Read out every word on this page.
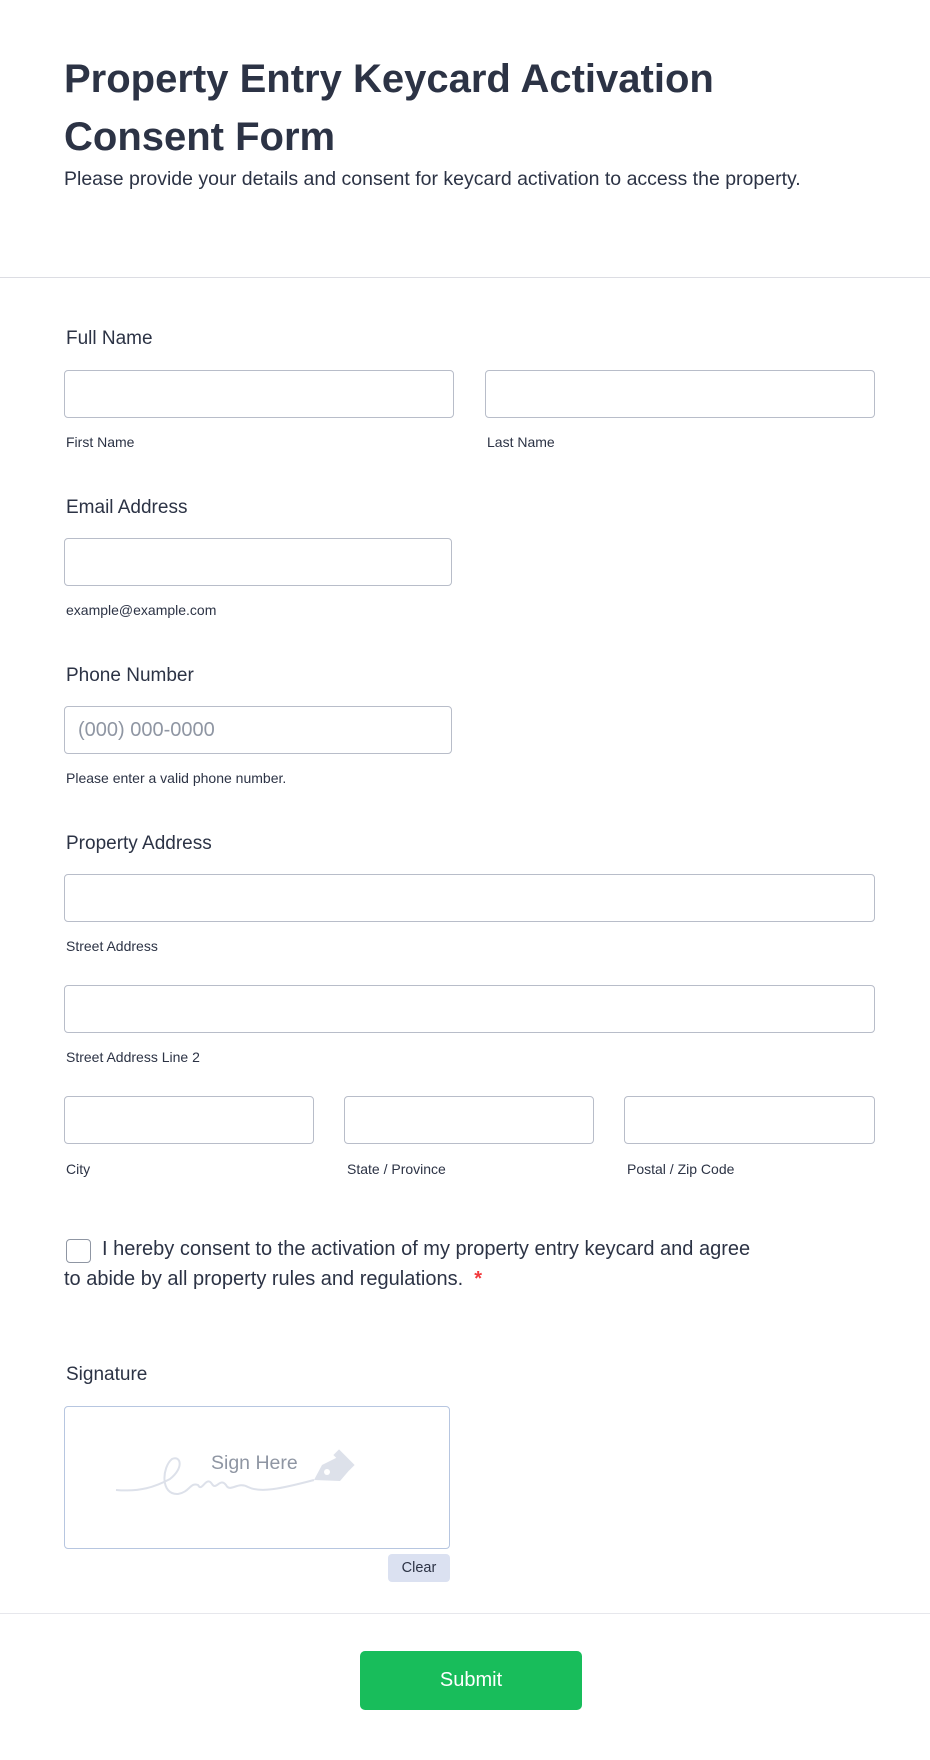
Property Entry Keycard Activation Consent Form
Please provide your details and consent for keycard activation to access the property.
Full Name
First Name	Last Name
Email Address
example@example.com
Phone Number
(000) 000-0000
Please enter a valid phone number.
Property Address
Street Address
Street Address Line 2
City	State / Province	Postal / Zip Code
I hereby consent to the activation of my property entry keycard and agree to abide by all property rules and regulations. *
Signature
Sign Here
Clear
Submit
